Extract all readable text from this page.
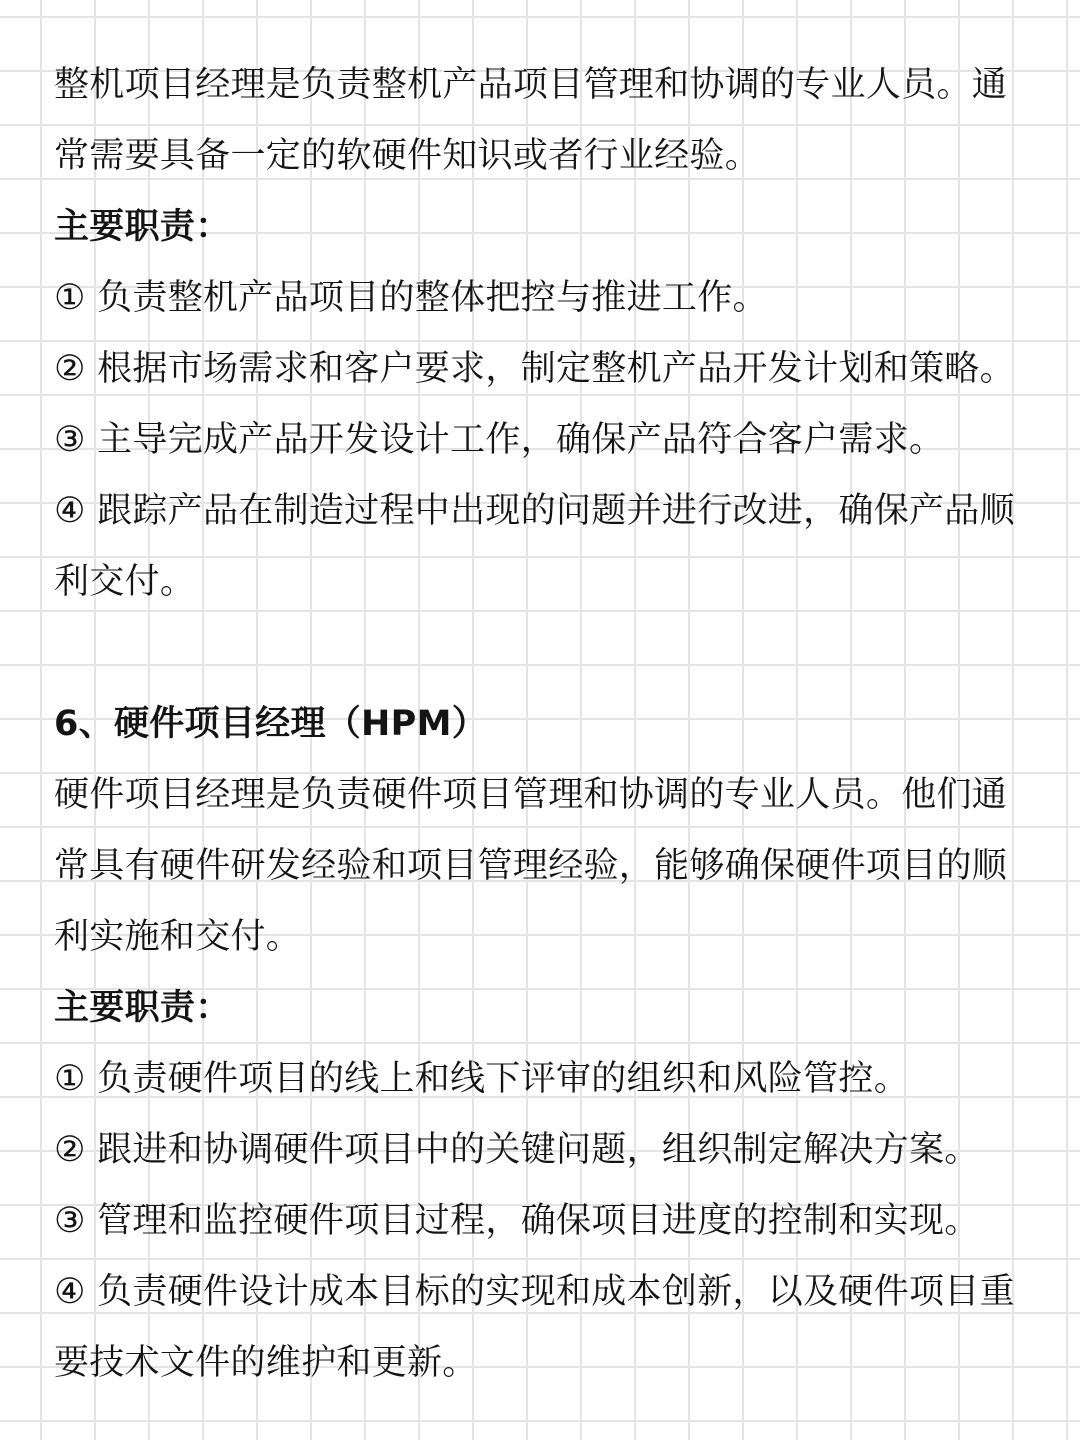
整机项目经理是负责整机产品项目管理和协调的专业人员。通
常需要具备一定的软硬件知识或者行业经验。
主要职责：
① 负责整机产品项目的整体把控与推进工作。
② 根据市场需求和客户要求，制定整机产品开发计划和策略。
③ 主导完成产品开发设计工作，确保产品符合客户需求。
④ 跟踪产品在制造过程中出现的问题并进行改进，确保产品顺
利交付。
6、硬件项目经理（HPM）
硬件项目经理是负责硬件项目管理和协调的专业人员。他们通
常具有硬件研发经验和项目管理经验，能够确保硬件项目的顺
利实施和交付。
主要职责：
① 负责硬件项目的线上和线下评审的组织和风险管控。
② 跟进和协调硬件项目中的关键问题，组织制定解决方案。
③ 管理和监控硬件项目过程，确保项目进度的控制和实现。
④ 负责硬件设计成本目标的实现和成本创新，以及硬件项目重
要技术文件的维护和更新。
